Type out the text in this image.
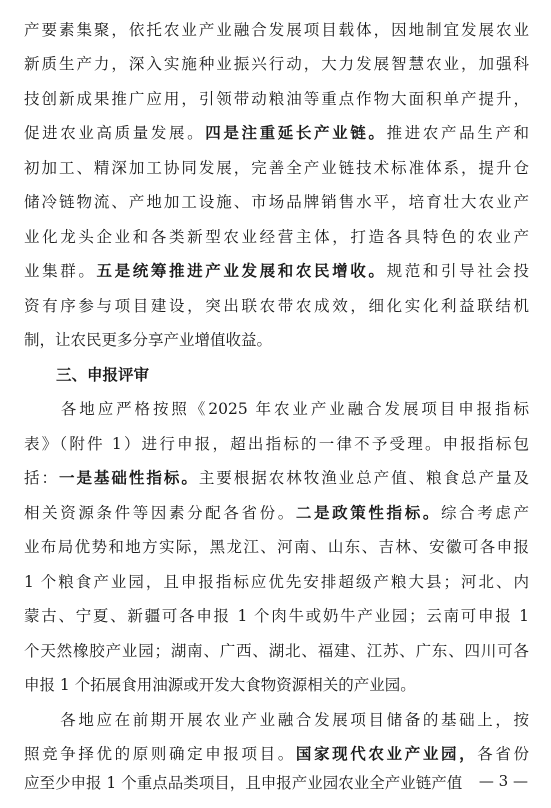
产要素集聚，依托农业产业融合发展项目载体，因地制宜发展农业
新质生产力，深入实施种业振兴行动，大力发展智慧农业，加强科
技创新成果推广应用，引领带动粮油等重点作物大面积单产提升，
促进农业高质量发展。四是注重延长产业链。推进农产品生产和
初加工、精深加工协同发展，完善全产业链技术标准体系，提升仓
储冷链物流、产地加工设施、市场品牌销售水平，培育壮大农业产
业化龙头企业和各类新型农业经营主体，打造各具特色的农业产
业集群。五是统筹推进产业发展和农民增收。规范和引导社会投
资有序参与项目建设，突出联农带农成效，细化实化利益联结机
制，让农民更多分享产业增值收益。
三、申报评审
　　各地应严格按照《2025 年农业产业融合发展项目申报指标
表》（附件 1）进行申报，超出指标的一律不予受理。申报指标包
括：一是基础性指标。主要根据农林牧渔业总产值、粮食总产量及
相关资源条件等因素分配各省份。二是政策性指标。综合考虑产
业布局优势和地方实际，黑龙江、河南、山东、吉林、安徽可各申报
1 个粮食产业园，且申报指标应优先安排超级产粮大县；河北、内
蒙古、宁夏、新疆可各申报 1 个肉牛或奶牛产业园；云南可申报 1
个天然橡胶产业园；湖南、广西、湖北、福建、江苏、广东、四川可各
申报 1 个拓展食用油源或开发大食物资源相关的产业园。
　　各地应在前期开展农业产业融合发展项目储备的基础上，按
照竞争择优的原则确定申报项目。国家现代农业产业园，各省份
应至少申报 1 个重点品类项目，且申报产业园农业全产业链产值	— 3 —
